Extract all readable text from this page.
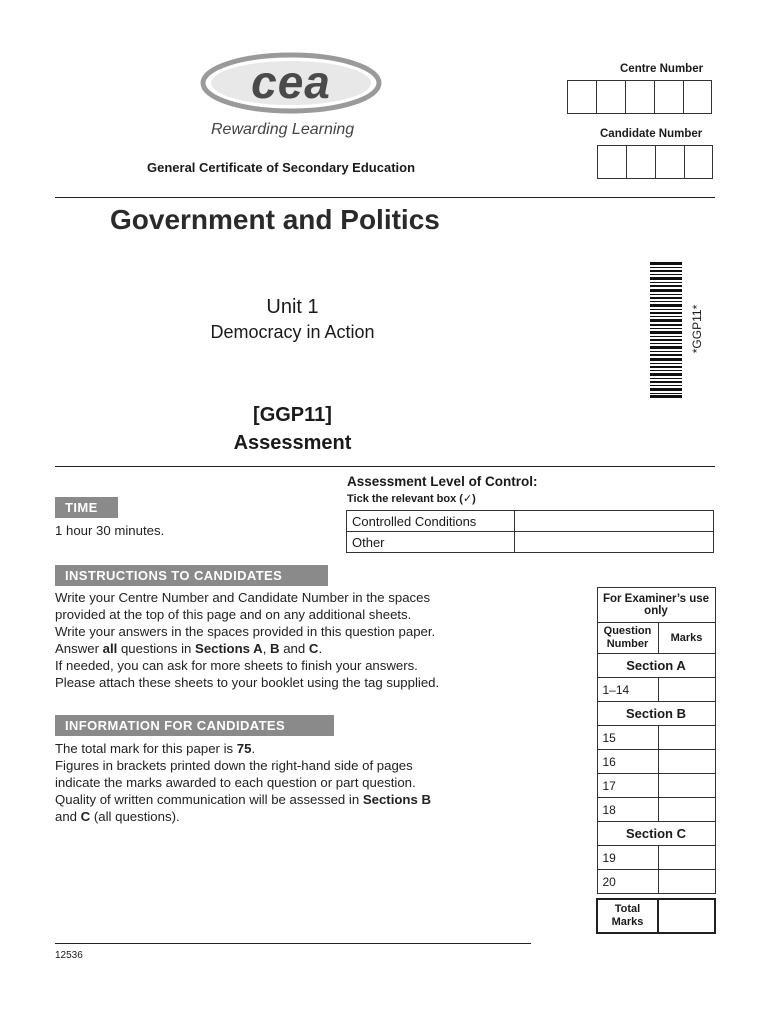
cea
Rewarding Learning
General Certificate of Secondary Education
Centre Number
Candidate Number
Government and Politics
Unit 1
Democracy in Action
[GGP11]
Assessment
*GGP11*
Assessment Level of Control:
Tick the relevant box (✓)
Controlled Conditions	
Other	
TIME
1 hour 30 minutes.
INSTRUCTIONS TO CANDIDATES
Write your Centre Number and Candidate Number in the spaces
provided at the top of this page and on any additional sheets.
Write your answers in the spaces provided in this question paper.
Answer all questions in Sections A, B and C.
If needed, you can ask for more sheets to finish your answers.
Please attach these sheets to your booklet using the tag supplied.
INFORMATION FOR CANDIDATES
The total mark for this paper is 75.
Figures in brackets printed down the right-hand side of pages
indicate the marks awarded to each question or part question.
Quality of written communication will be assessed in Sections B
and C (all questions).
For Examiner’s use only	
Question Number	Marks
Section A	
1–14	
Section B	
15	
16	
17	
18	
Section C	
19	
20	

Total Marks	
12536
